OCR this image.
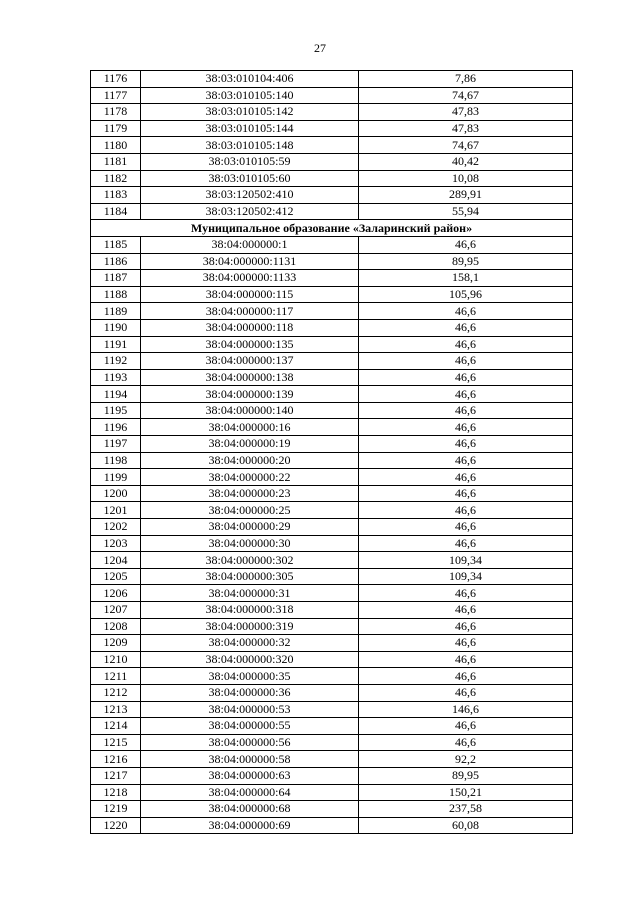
27
1176	38:03:010104:406	7,86
1177	38:03:010105:140	74,67
1178	38:03:010105:142	47,83
1179	38:03:010105:144	47,83
1180	38:03:010105:148	74,67
1181	38:03:010105:59	40,42
1182	38:03:010105:60	10,08
1183	38:03:120502:410	289,91
1184	38:03:120502:412	55,94
Муниципальное образование «Заларинский район»		
1185	38:04:000000:1	46,6
1186	38:04:000000:1131	89,95
1187	38:04:000000:1133	158,1
1188	38:04:000000:115	105,96
1189	38:04:000000:117	46,6
1190	38:04:000000:118	46,6
1191	38:04:000000:135	46,6
1192	38:04:000000:137	46,6
1193	38:04:000000:138	46,6
1194	38:04:000000:139	46,6
1195	38:04:000000:140	46,6
1196	38:04:000000:16	46,6
1197	38:04:000000:19	46,6
1198	38:04:000000:20	46,6
1199	38:04:000000:22	46,6
1200	38:04:000000:23	46,6
1201	38:04:000000:25	46,6
1202	38:04:000000:29	46,6
1203	38:04:000000:30	46,6
1204	38:04:000000:302	109,34
1205	38:04:000000:305	109,34
1206	38:04:000000:31	46,6
1207	38:04:000000:318	46,6
1208	38:04:000000:319	46,6
1209	38:04:000000:32	46,6
1210	38:04:000000:320	46,6
1211	38:04:000000:35	46,6
1212	38:04:000000:36	46,6
1213	38:04:000000:53	146,6
1214	38:04:000000:55	46,6
1215	38:04:000000:56	46,6
1216	38:04:000000:58	92,2
1217	38:04:000000:63	89,95
1218	38:04:000000:64	150,21
1219	38:04:000000:68	237,58
1220	38:04:000000:69	60,08
